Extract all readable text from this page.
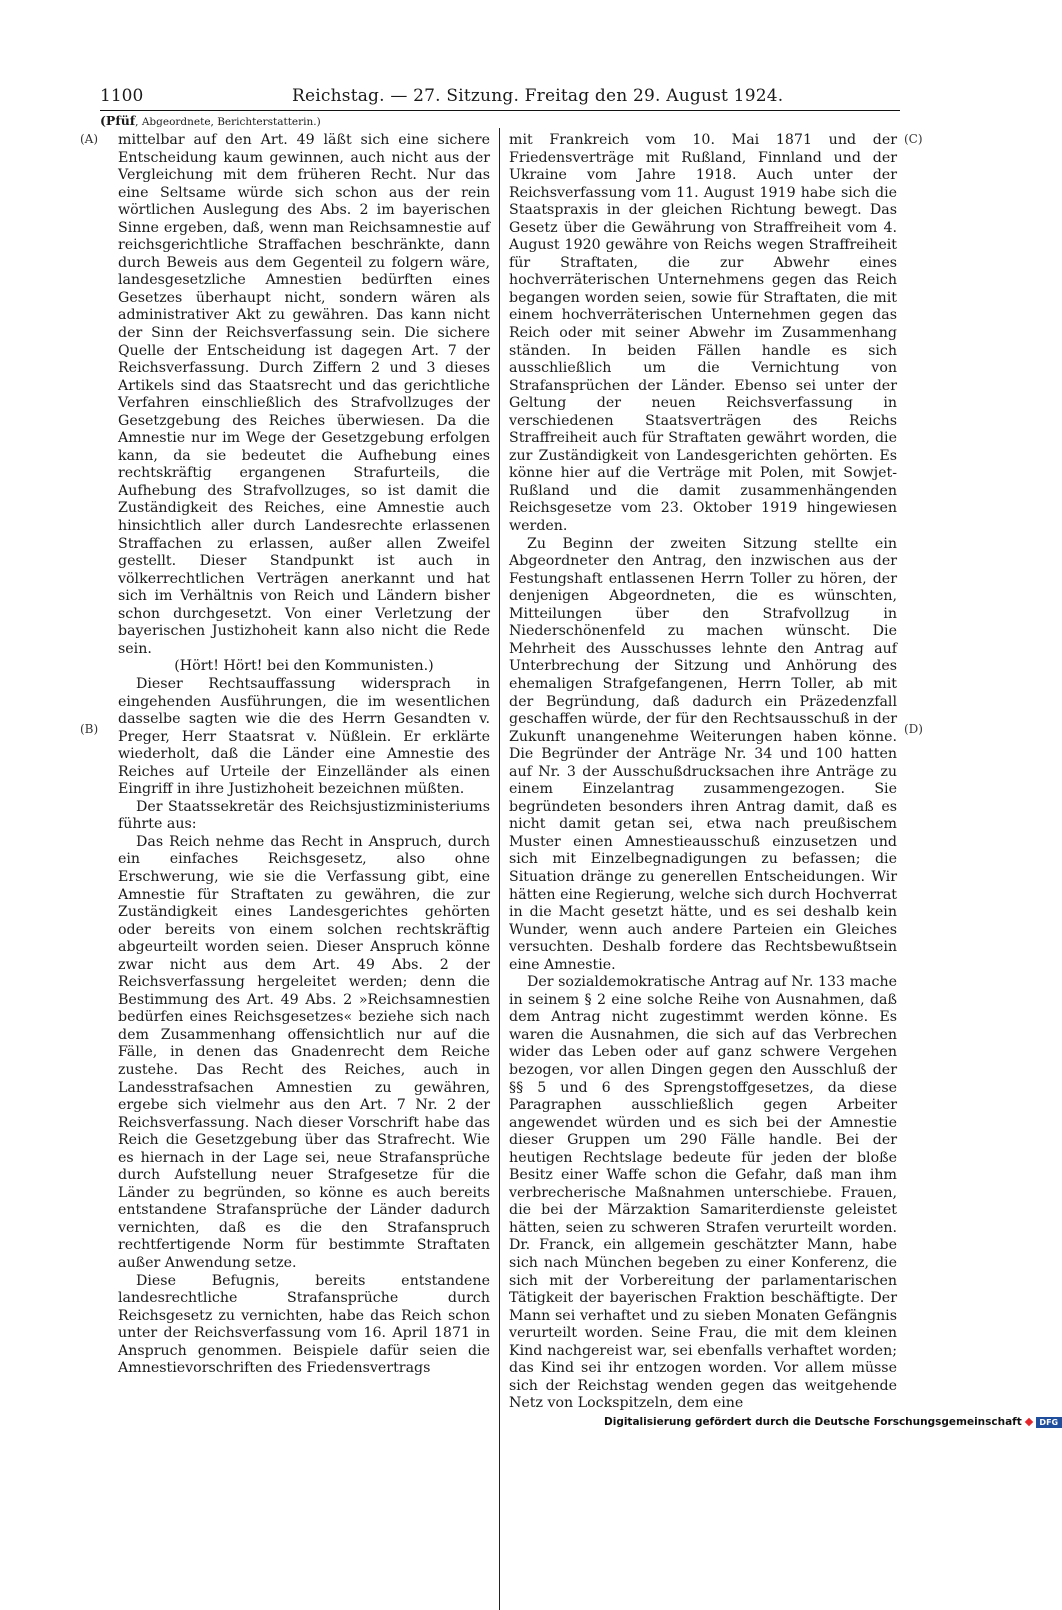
1100	Reichstag. — 27. Sitzung. Freitag den 29. August 1924.
(Pfüf, Abgeordnete, Berichterstatterin.)
(A)
(B)
(C)
(D)

mittelbar auf den Art. 49 läßt sich eine sichere Entscheidung kaum gewinnen, auch nicht aus der Vergleichung mit dem früheren Recht. Nur das eine Seltsame würde sich schon aus der rein wörtlichen Auslegung des Abs. 2 im bayerischen Sinne ergeben, daß, wenn man Reichsamnestie auf reichsgerichtliche Straffachen beschränkte, dann durch Beweis aus dem Gegenteil zu folgern wäre, landesgesetzliche Amnestien bedürften eines Gesetzes überhaupt nicht, sondern wären als administrativer Akt zu gewähren. Das kann nicht der Sinn der Reichsverfassung sein. Die sichere Quelle der Entscheidung ist dagegen Art. 7 der Reichsverfassung. Durch Ziffern 2 und 3 dieses Artikels sind das Staatsrecht und das gerichtliche Verfahren einschließlich des Strafvollzuges der Gesetzgebung des Reiches überwiesen. Da die Amnestie nur im Wege der Gesetzgebung erfolgen kann, da sie bedeutet die Aufhebung eines rechtskräftig ergangenen Strafurteils, die Aufhebung des Strafvollzuges, so ist damit die Zuständigkeit des Reiches, eine Amnestie auch hinsichtlich aller durch Landesrechte erlassenen Straffachen zu erlassen, außer allen Zweifel gestellt. Dieser Standpunkt ist auch in völkerrechtlichen Verträgen anerkannt und hat sich im Verhältnis von Reich und Ländern bisher schon durchgesetzt. Von einer Verletzung der bayerischen Justizhoheit kann also nicht die Rede sein.

(Hört! Hört! bei den Kommunisten.)

Dieser Rechtsauffassung widersprach in eingehenden Ausführungen, die im wesentlichen dasselbe sagten wie die des Herrn Gesandten v. Preger, Herr Staatsrat v. Nüßlein. Er erklärte wiederholt, daß die Länder eine Amnestie des Reiches auf Urteile der Einzelländer als einen Eingriff in ihre Justizhoheit bezeichnen müßten.

Der Staatssekretär des Reichsjustizministeriums führte aus:

Das Reich nehme das Recht in Anspruch, durch ein einfaches Reichsgesetz, also ohne Erschwerung, wie sie die Verfassung gibt, eine Amnestie für Straftaten zu gewähren, die zur Zuständigkeit eines Landesgerichtes gehörten oder bereits von einem solchen rechtskräftig abgeurteilt worden seien. Dieser Anspruch könne zwar nicht aus dem Art. 49 Abs. 2 der Reichsverfassung hergeleitet werden; denn die Bestimmung des Art. 49 Abs. 2 »Reichsamnestien bedürfen eines Reichsgesetzes« beziehe sich nach dem Zusammenhang offensichtlich nur auf die Fälle, in denen das Gnadenrecht dem Reiche zustehe. Das Recht des Reiches, auch in Landesstrafsachen Amnestien zu gewähren, ergebe sich vielmehr aus den Art. 7 Nr. 2 der Reichsverfassung. Nach dieser Vorschrift habe das Reich die Gesetzgebung über das Strafrecht. Wie es hiernach in der Lage sei, neue Strafansprüche durch Aufstellung neuer Strafgesetze für die Länder zu begründen, so könne es auch bereits entstandene Strafansprüche der Länder dadurch vernichten, daß es die den Strafanspruch rechtfertigende Norm für bestimmte Straftaten außer Anwendung setze.

Diese Befugnis, bereits entstandene landesrechtliche Strafansprüche durch Reichsgesetz zu vernichten, habe das Reich schon unter der Reichsverfassung vom 16. April 1871 in Anspruch genommen. Beispiele dafür seien die Amnestievorschriften des Friedensvertrags

mit Frankreich vom 10. Mai 1871 und der Friedensverträge mit Rußland, Finnland und der Ukraine vom Jahre 1918. Auch unter der Reichsverfassung vom 11. August 1919 habe sich die Staatspraxis in der gleichen Richtung bewegt. Das Gesetz über die Gewährung von Straffreiheit vom 4. August 1920 gewähre von Reichs wegen Straffreiheit für Straftaten, die zur Abwehr eines hochverräterischen Unternehmens gegen das Reich begangen worden seien, sowie für Straftaten, die mit einem hochverräterischen Unternehmen gegen das Reich oder mit seiner Abwehr im Zusammenhang ständen. In beiden Fällen handle es sich ausschließlich um die Vernichtung von Strafansprüchen der Länder. Ebenso sei unter der Geltung der neuen Reichsverfassung in verschiedenen Staatsverträgen des Reichs Straffreiheit auch für Straftaten gewährt worden, die zur Zuständigkeit von Landesgerichten gehörten. Es könne hier auf die Verträge mit Polen, mit Sowjet-Rußland und die damit zusammenhängenden Reichsgesetze vom 23. Oktober 1919 hingewiesen werden.

Zu Beginn der zweiten Sitzung stellte ein Abgeordneter den Antrag, den inzwischen aus der Festungshaft entlassenen Herrn Toller zu hören, der denjenigen Abgeordneten, die es wünschten, Mitteilungen über den Strafvollzug in Niederschönenfeld zu machen wünscht. Die Mehrheit des Ausschusses lehnte den Antrag auf Unterbrechung der Sitzung und Anhörung des ehemaligen Strafgefangenen, Herrn Toller, ab mit der Begründung, daß dadurch ein Präzedenzfall geschaffen würde, der für den Rechtsausschuß in der Zukunft unangenehme Weiterungen haben könne. Die Begründer der Anträge Nr. 34 und 100 hatten auf Nr. 3 der Ausschußdrucksachen ihre Anträge zu einem Einzelantrag zusammengezogen. Sie begründeten besonders ihren Antrag damit, daß es nicht damit getan sei, etwa nach preußischem Muster einen Amnestieausschuß einzusetzen und sich mit Einzelbegnadigungen zu befassen; die Situation dränge zu generellen Entscheidungen. Wir hätten eine Regierung, welche sich durch Hochverrat in die Macht gesetzt hätte, und es sei deshalb kein Wunder, wenn auch andere Parteien ein Gleiches versuchten. Deshalb fordere das Rechtsbewußtsein eine Amnestie.

Der sozialdemokratische Antrag auf Nr. 133 mache in seinem § 2 eine solche Reihe von Ausnahmen, daß dem Antrag nicht zugestimmt werden könne. Es waren die Ausnahmen, die sich auf das Verbrechen wider das Leben oder auf ganz schwere Vergehen bezogen, vor allen Dingen gegen den Ausschluß der §§ 5 und 6 des Sprengstoffgesetzes, da diese Paragraphen ausschließlich gegen Arbeiter angewendet würden und es sich bei der Amnestie dieser Gruppen um 290 Fälle handle. Bei der heutigen Rechtslage bedeute für jeden der bloße Besitz einer Waffe schon die Gefahr, daß man ihm verbrecherische Maßnahmen unterschiebe. Frauen, die bei der Märzaktion Samariterdienste geleistet hätten, seien zu schweren Strafen verurteilt worden. Dr. Franck, ein allgemein geschätzter Mann, habe sich nach München begeben zu einer Konferenz, die sich mit der Vorbereitung der parlamentarischen Tätigkeit der bayerischen Fraktion beschäftigte. Der Mann sei verhaftet und zu sieben Monaten Gefängnis verurteilt worden. Seine Frau, die mit dem kleinen Kind nachgereist war, sei ebenfalls verhaftet worden; das Kind sei ihr entzogen worden. Vor allem müsse sich der Reichstag wenden gegen das weitgehende Netz von Lockspitzeln, dem eine

Digitalisierung gefördert durch die Deutsche Forschungsgemeinschaft DFG
